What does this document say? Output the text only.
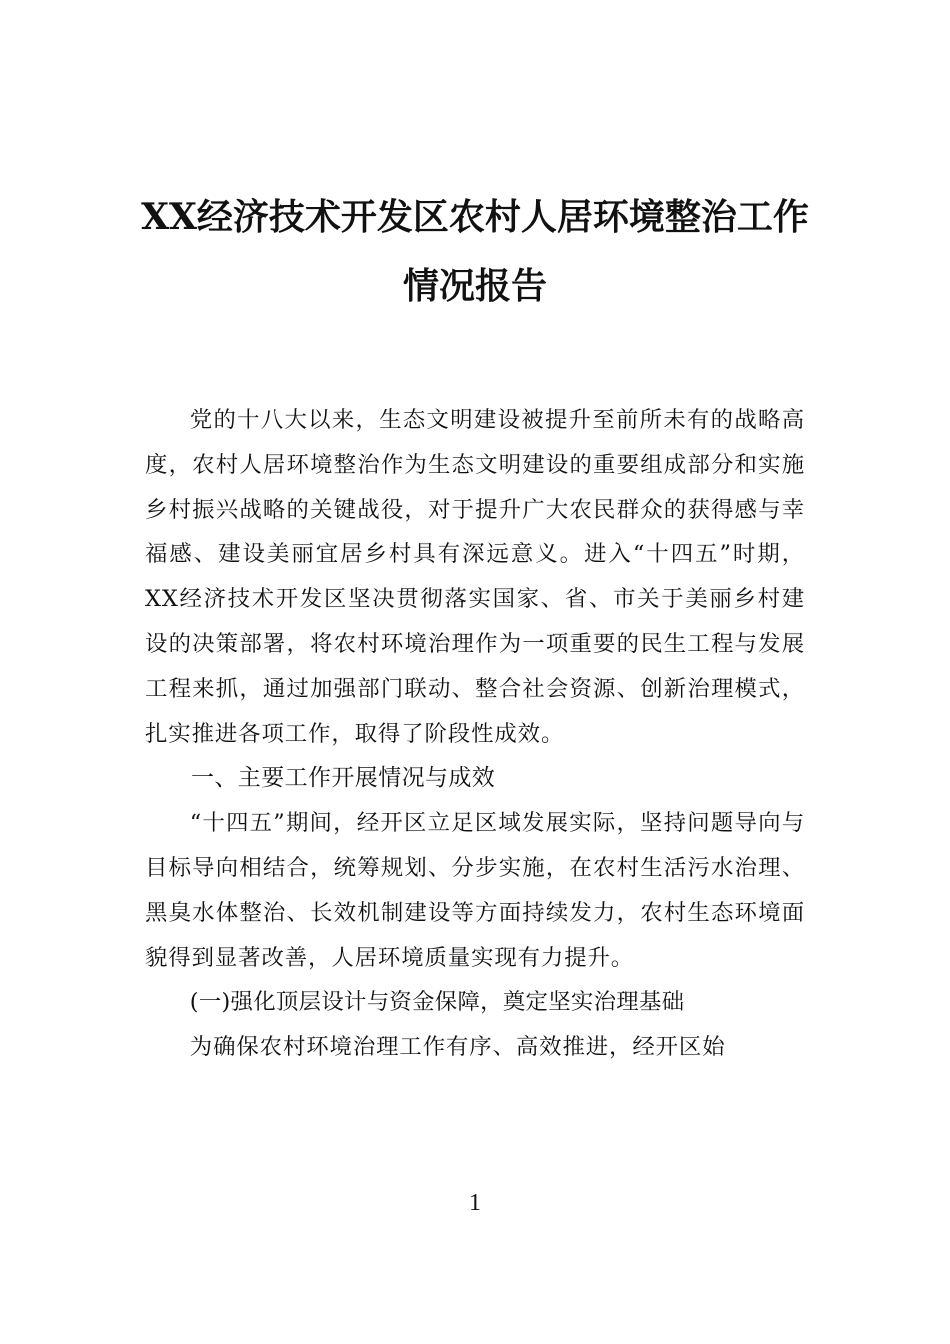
XX经济技术开发区农村人居环境整治工作
情况报告

党的十八大以来，生态文明建设被提升至前所未有的战略高度，农村人居环境整治作为生态文明建设的重要组成部分和实施乡村振兴战略的关键战役，对于提升广大农民群众的获得感与幸福感、建设美丽宜居乡村具有深远意义。进入“十四五”时期，XX经济技术开发区坚决贯彻落实国家、省、市关于美丽乡村建设的决策部署，将农村环境治理作为一项重要的民生工程与发展工程来抓，通过加强部门联动、整合社会资源、创新治理模式，扎实推进各项工作，取得了阶段性成效。

一、主要工作开展情况与成效

“十四五”期间，经开区立足区域发展实际，坚持问题导向与目标导向相结合，统筹规划、分步实施，在农村生活污水治理、黑臭水体整治、长效机制建设等方面持续发力，农村生态环境面貌得到显著改善，人居环境质量实现有力提升。

(一)强化顶层设计与资金保障，奠定坚实治理基础

为确保农村环境治理工作有序、高效推进，经开区始

1
